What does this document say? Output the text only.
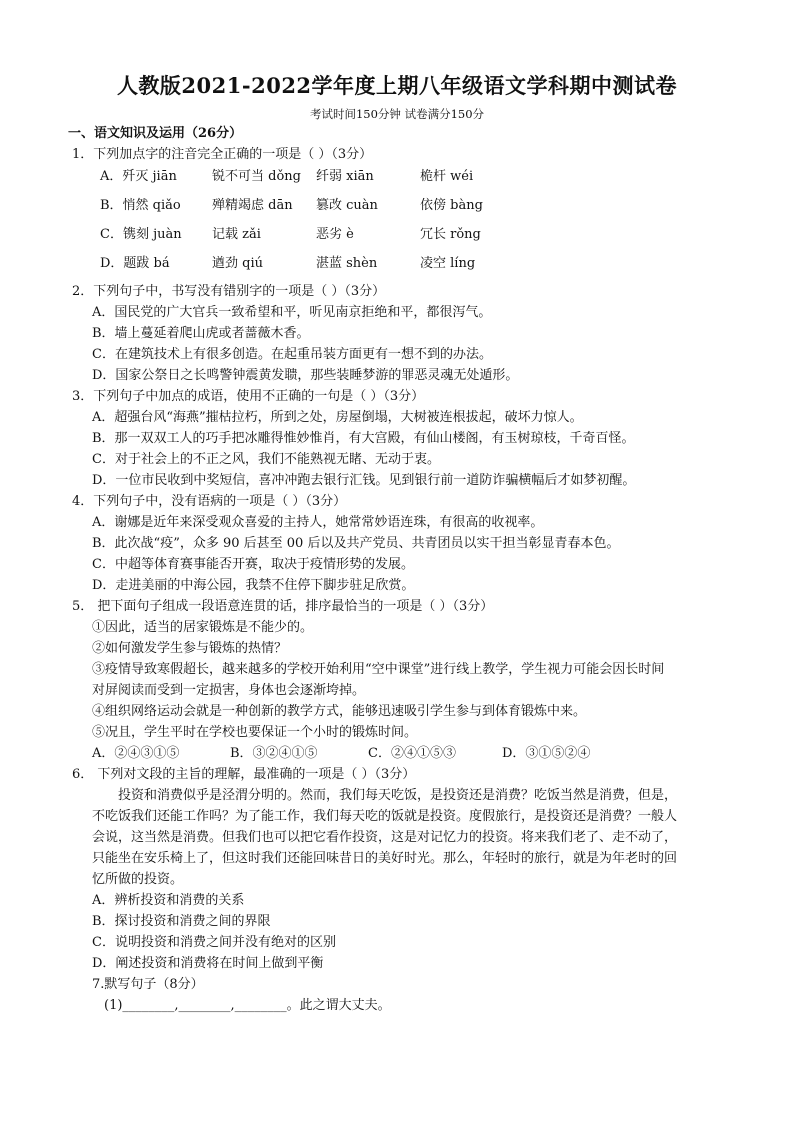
人教版2021-2022学年度上期八年级语文学科期中测试卷
考试时间150分钟 试卷满分150分
一、语文知识及运用（26分）
1．下列加点字的注音完全正确的一项是（ ）（3分）
A．歼灭 jiān	锐不可当 dǒng 纤弱 xiān	桅杆 wéi
B．悄然 qiǎo 殚精竭虑 dān 篡改 cuàn	依傍 bàng
C．镌刻 juàn 记载 zǎi	恶劣 è	冗长 rǒng
D．题跋 bá	遒劲 qiú	湛蓝 shèn	凌空 líng
2．下列句子中，书写没有错别字的一项是（ ）（3分）
A．国民党的广大官兵一致希望和平，听见南京拒绝和平，都很泻气。
B．墙上蔓延着爬山虎或者蔷薇木香。
C．在建筑技术上有很多创造。在起重吊装方面更有一想不到的办法。
D．国家公祭日之长鸣警钟震黄发聩，那些装睡梦游的罪恶灵魂无处遁形。
3．下列句子中加点的成语，使用不正确的一句是（ ）（3分）
A．超强台风“海燕”摧枯拉朽，所到之处，房屋倒塌，大树被连根拔起，破坏力惊人。
B．那一双双工人的巧手把冰雕得惟妙惟肖，有大宫殿，有仙山楼阁，有玉树琼枝，千奇百怪。
C．对于社会上的不正之风，我们不能熟视无睹、无动于衷。
D．一位市民收到中奖短信，喜冲冲跑去银行汇钱。见到银行前一道防诈骗横幅后才如梦初醒。
4．下列句子中，没有语病的一项是（ ）（3分）
A．谢娜是近年来深受观众喜爱的主持人，她常常妙语连珠，有很高的收视率。
B．此次战“疫”，众多 90 后甚至 00 后以及共产党员、共青团员以实干担当彰显青春本色。
C．中超等体育赛事能否开赛，取决于疫情形势的发展。
D．走进美丽的中海公园，我禁不住停下脚步驻足欣赏。
5． 把下面句子组成一段语意连贯的话，排序最恰当的一项是（ ）（3分）
①因此，适当的居家锻炼是不能少的。
②如何激发学生参与锻炼的热情？
③疫情导致寒假超长，越来越多的学校开始利用“空中课堂”进行线上教学，学生视力可能会因长时间
对屏阅读而受到一定损害，身体也会逐渐垮掉。
④组织网络运动会就是一种创新的教学方式，能够迅速吸引学生参与到体育锻炼中来。
⑤况且，学生平时在学校也要保证一个小时的锻炼时间。
A．②④③①⑤	B．③②④①⑤	C．②④①⑤③	D．③①⑤②④
6． 下列对文段的主旨的理解，最准确的一项是（ ）（3分）
投资和消费似乎是泾渭分明的。然而，我们每天吃饭，是投资还是消费？吃饭当然是消费，但是，
不吃饭我们还能工作吗？为了能工作，我们每天吃的饭就是投资。度假旅行，是投资还是消费？一般人
会说，这当然是消费。但我们也可以把它看作投资，这是对记忆力的投资。将来我们老了、走不动了，
只能坐在安乐椅上了，但这时我们还能回味昔日的美好时光。那么，年轻时的旅行，就是为年老时的回
忆所做的投资。
A．辨析投资和消费的关系
B．探讨投资和消费之间的界限
C．说明投资和消费之间并没有绝对的区别
D．阐述投资和消费将在时间上做到平衡
7.默写句子（8分）
(1)________,________,________。此之谓大丈夫。
